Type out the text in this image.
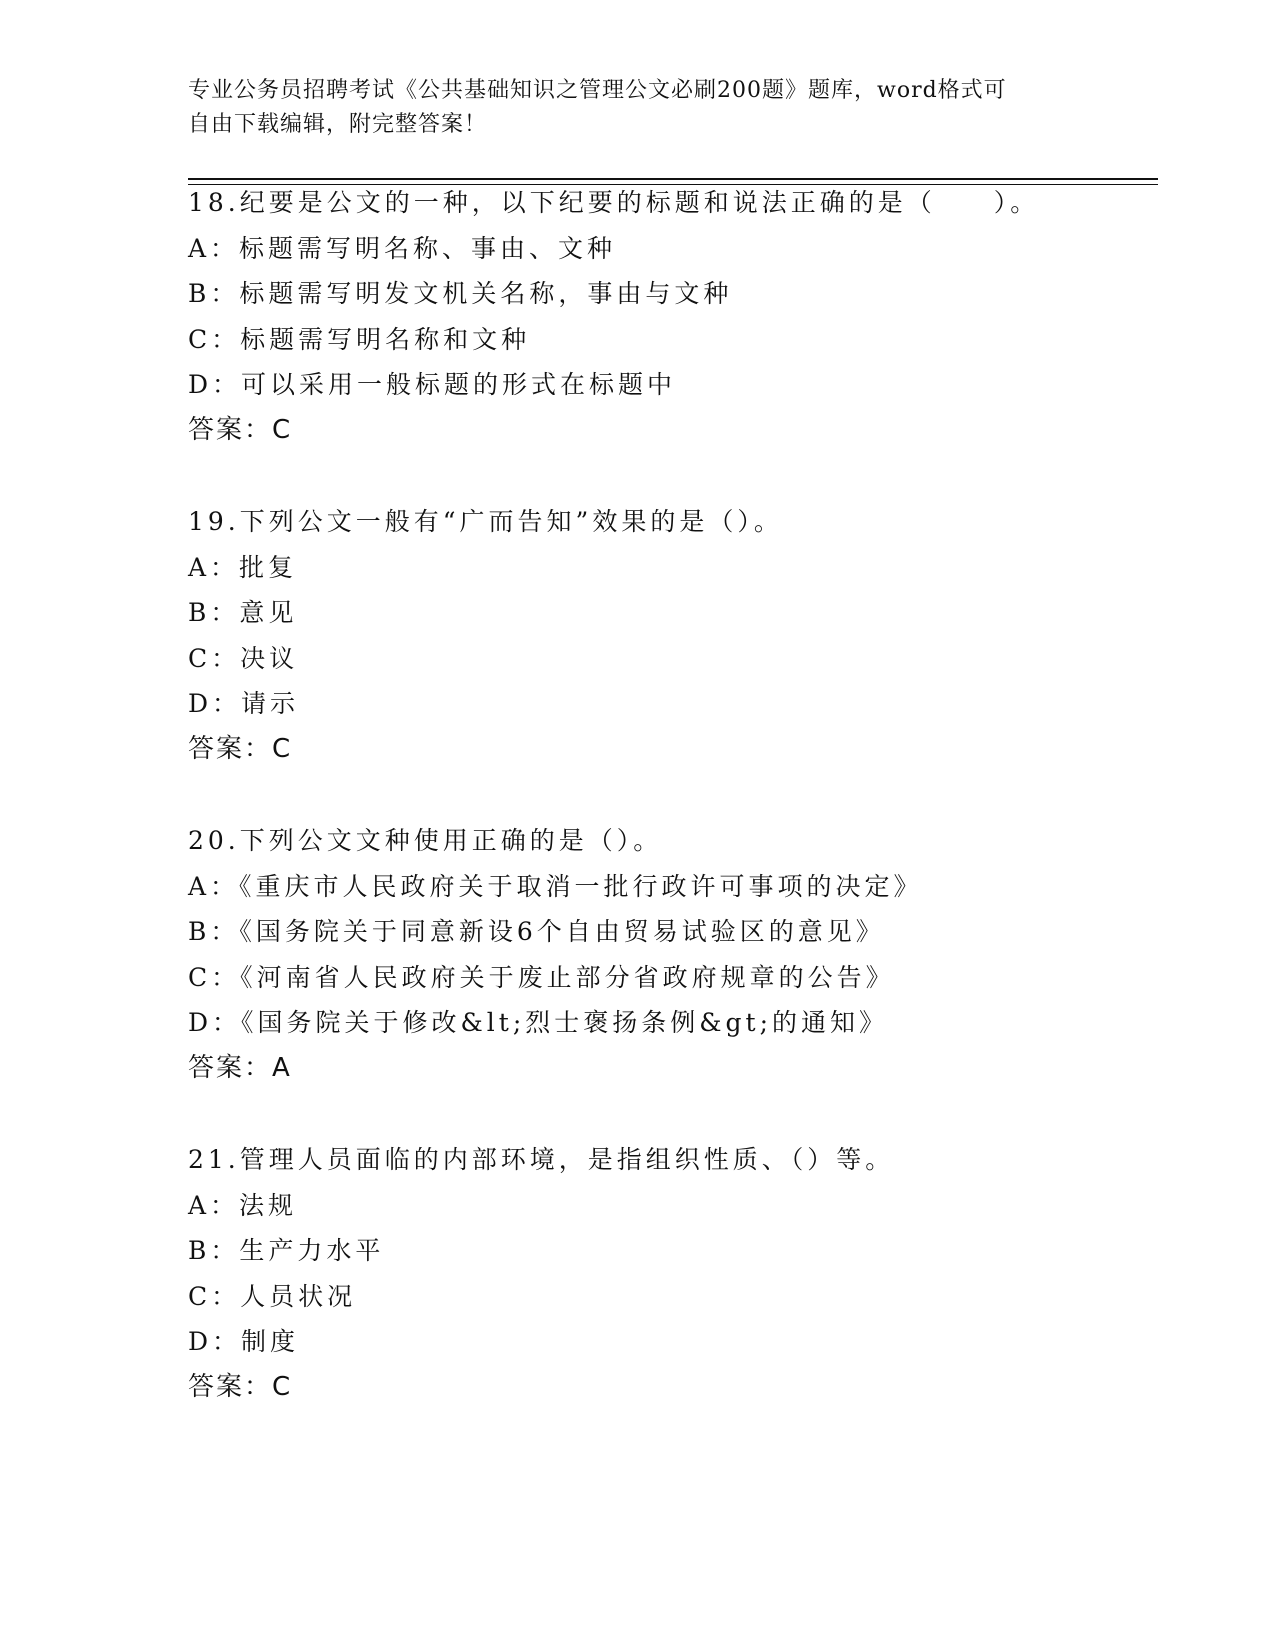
专业公务员招聘考试《公共基础知识之管理公文必刷200题》题库，word格式可
自由下载编辑，附完整答案！
18.纪要是公文的一种，以下纪要的标题和说法正确的是（　　）。
A：标题需写明名称、事由、文种
B：标题需写明发文机关名称，事由与文种
C：标题需写明名称和文种
D：可以采用一般标题的形式在标题中
答案：C
19.下列公文一般有“广而告知”效果的是（）。
A：批复
B：意见
C：决议
D：请示
答案：C
20.下列公文文种使用正确的是（）。
A：《重庆市人民政府关于取消一批行政许可事项的决定》
B：《国务院关于同意新设6个自由贸易试验区的意见》
C：《河南省人民政府关于废止部分省政府规章的公告》
D：《国务院关于修改&lt;烈士褒扬条例&gt;的通知》
答案：A
21.管理人员面临的内部环境，是指组织性质、（）等。
A：法规
B：生产力水平
C：人员状况
D：制度
答案：C
